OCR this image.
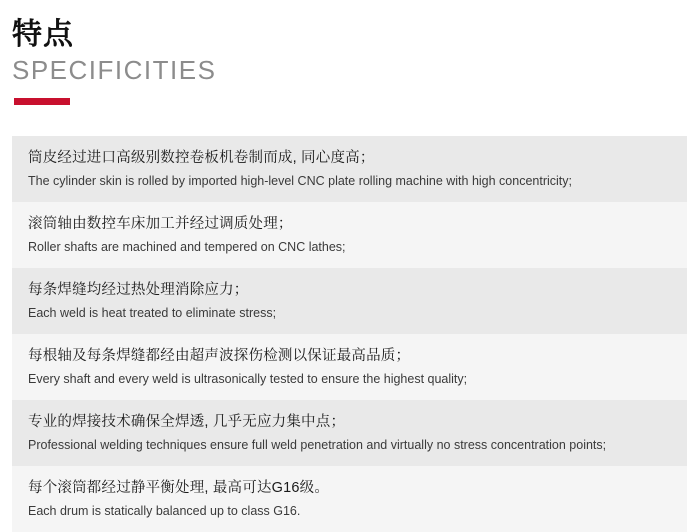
特点
SPECIFICITIES
筒皮经过进口高级别数控卷板机卷制而成, 同心度高；
The cylinder skin is rolled by imported high-level CNC plate rolling machine with high concentricity;
滚筒轴由数控车床加工并经过调质处理；
Roller shafts are machined and tempered on CNC lathes;
每条焊缝均经过热处理消除应力；
Each weld is heat treated to eliminate stress;
每根轴及每条焊缝都经由超声波探伤检测以保证最高品质；
Every shaft and every weld is ultrasonically tested to ensure the highest quality;
专业的焊接技术确保全焊透, 几乎无应力集中点；
Professional welding techniques ensure full weld penetration and virtually no stress concentration points;
每个滚筒都经过静平衡处理, 最高可达G16级。
Each drum is statically balanced up to class G16.
